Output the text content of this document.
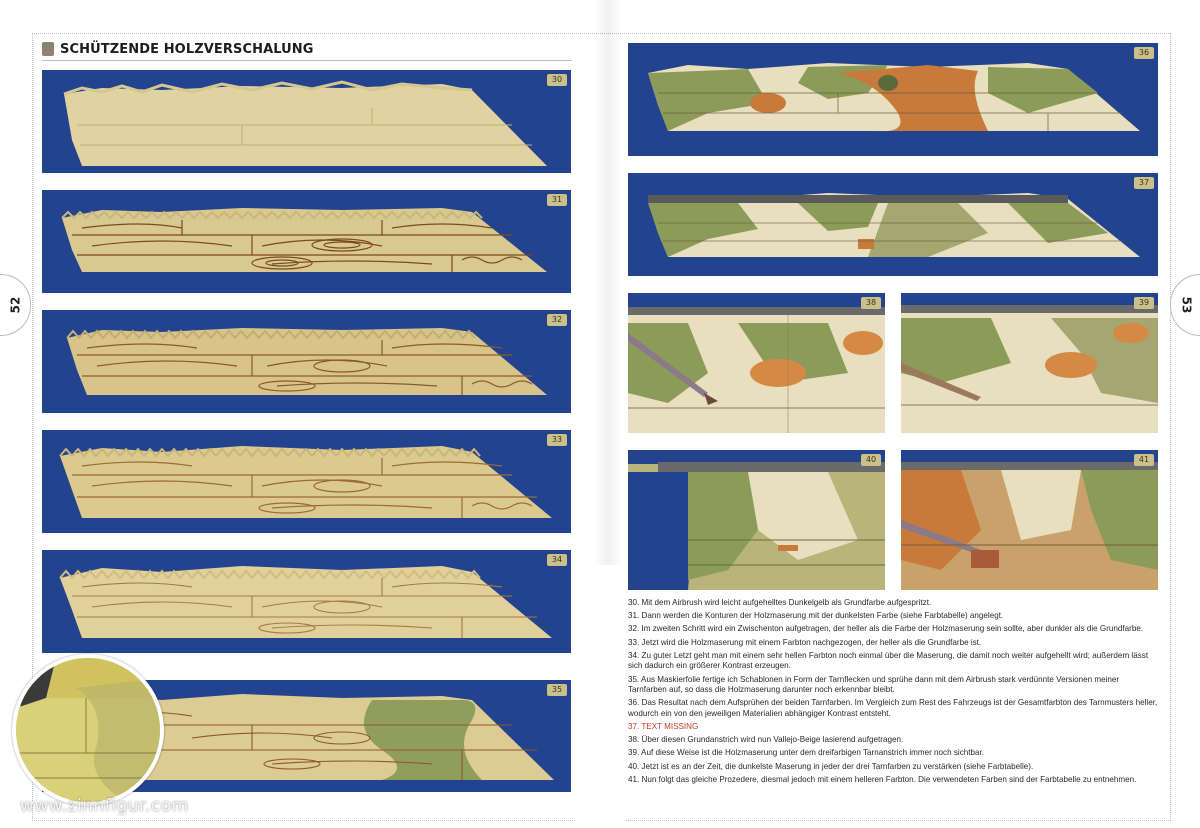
SCHÜTZENDE HOLZVERSCHALUNG
52	53
30
31
32
33
34
35
www.zinnfigur.com
36
37
38	39
40	41

30. Mit dem Airbrush wird leicht aufgehelltes Dunkelgelb als Grundfarbe aufgespritzt.

31. Dann werden die Konturen der Holzmaserung mit der dunkelsten Farbe (siehe Farbtabelle) angelegt.

32. Im zweiten Schritt wird ein Zwischenton aufgetragen, der heller als die Farbe der Holzmaserung sein sollte, aber dunkler als die Grundfarbe.

33. Jetzt wird die Holzmaserung mit einem Farbton nachgezogen, der heller als die Grundfarbe ist.

34. Zu guter Letzt geht man mit einem sehr hellen Farbton noch einmal über die Maserung, die damit noch weiter aufgehellt wird; außerdem lässt sich dadurch ein größerer Kontrast erzeugen.

35. Aus Maskierfolie fertige ich Schablonen in Form der Tarnflecken und sprühe dann mit dem Airbrush stark verdünnte Versionen meiner Tarnfarben auf, so dass die Holzmaserung darunter noch erkennbar bleibt.

36. Das Resultat nach dem Aufsprühen der beiden Tarnfarben. Im Vergleich zum Rest des Fahrzeugs ist der Gesamtfarbton des Tarnmusters heller, wodurch ein von den jeweiligen Materialien abhängiger Kontrast entsteht.

37. TEXT MISSING

38. Über diesen Grundanstrich wird nun Vallejo-Beige lasierend aufgetragen.

39. Auf diese Weise ist die Holzmaserung unter dem dreifarbigen Tarnanstrich immer noch sichtbar.

40. Jetzt ist es an der Zeit, die dunkelste Maserung in jeder der drei Tarnfarben zu verstärken (siehe Farbtabelle).

41. Nun folgt das gleiche Prozedere, diesmal jedoch mit einem helleren Farbton. Die verwendeten Farben sind der Farbtabelle zu entnehmen.
